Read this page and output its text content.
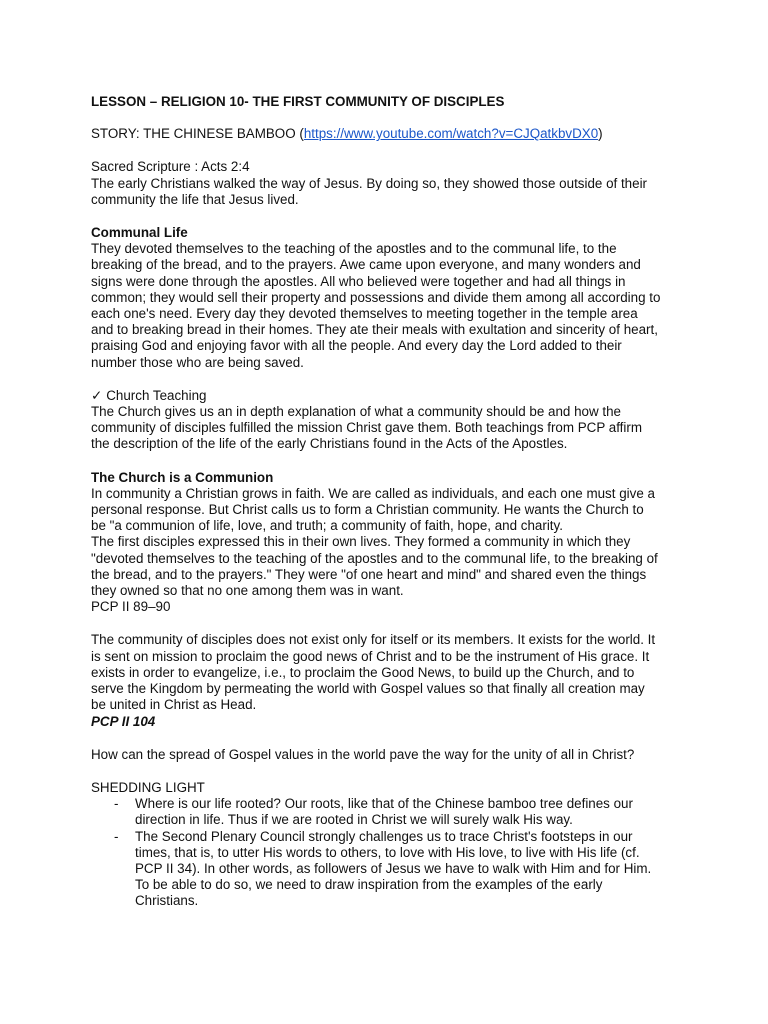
LESSON – RELIGION 10- THE FIRST COMMUNITY OF DISCIPLES

STORY: THE CHINESE BAMBOO (https://www.youtube.com/watch?v=CJQatkbvDX0)

Sacred Scripture : Acts 2:4

The early Christians walked the way of Jesus. By doing so, they showed those outside of their

community the life that Jesus lived.

Communal Life

They devoted themselves to the teaching of the apostles and to the communal life, to the

breaking of the bread, and to the prayers. Awe came upon everyone, and many wonders and

signs were done through the apostles. All who believed were together and had all things in

common; they would sell their property and possessions and divide them among all according to

each one's need. Every day they devoted themselves to meeting together in the temple area

and to breaking bread in their homes. They ate their meals with exultation and sincerity of heart,

praising God and enjoying favor with all the people. And every day the Lord added to their

number those who are being saved.

✓ Church Teaching

The Church gives us an in depth explanation of what a community should be and how the

community of disciples fulfilled the mission Christ gave them. Both teachings from PCP affirm

the description of the life of the early Christians found in the Acts of the Apostles.

The Church is a Communion

In community a Christian grows in faith. We are called as individuals, and each one must give a

personal response. But Christ calls us to form a Christian community. He wants the Church to

be "a communion of life, love, and truth; a community of faith, hope, and charity.

The first disciples expressed this in their own lives. They formed a community in which they

"devoted themselves to the teaching of the apostles and to the communal life, to the breaking of

the bread, and to the prayers." They were "of one heart and mind" and shared even the things

they owned so that no one among them was in want.

PCP II 89–90

The community of disciples does not exist only for itself or its members. It exists for the world. It

is sent on mission to proclaim the good news of Christ and to be the instrument of His grace. It

exists in order to evangelize, i.e., to proclaim the Good News, to build up the Church, and to

serve the Kingdom by permeating the world with Gospel values so that finally all creation may

be united in Christ as Head.

PCP II 104

How can the spread of Gospel values in the world pave the way for the unity of all in Christ?

SHEDDING LIGHT

- Where is our life rooted? Our roots, like that of the Chinese bamboo tree defines our

direction in life. Thus if we are rooted in Christ we will surely walk His way.

- The Second Plenary Council strongly challenges us to trace Christ's footsteps in our

times, that is, to utter His words to others, to love with His love, to live with His life (cf.

PCP II 34). In other words, as followers of Jesus we have to walk with Him and for Him.

To be able to do so, we need to draw inspiration from the examples of the early

Christians.
